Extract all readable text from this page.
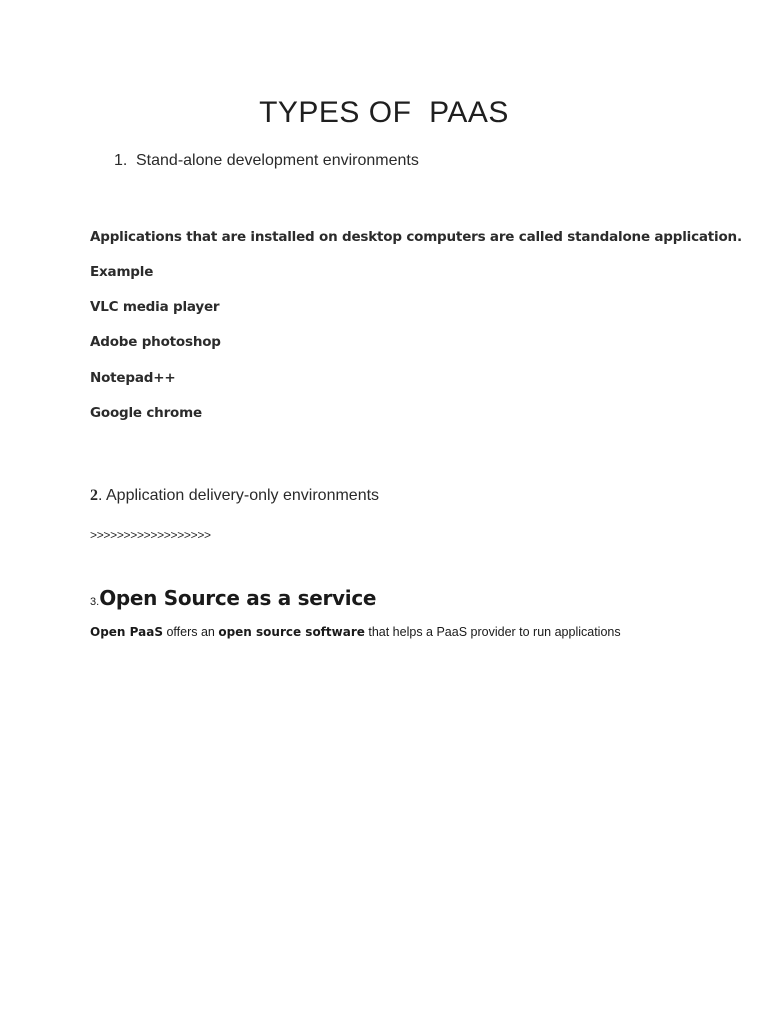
TYPES OF  PAAS
1. Stand-alone development environments
Applications that are installed on desktop computers are called standalone application.
Example
VLC media player
Adobe photoshop
Notepad++
Google chrome
2. Application delivery-only environments
>>>>>>>>>>>>>>>>>>
3.Open Source as a service
Open PaaS offers an open source software that helps a PaaS provider to run applications
